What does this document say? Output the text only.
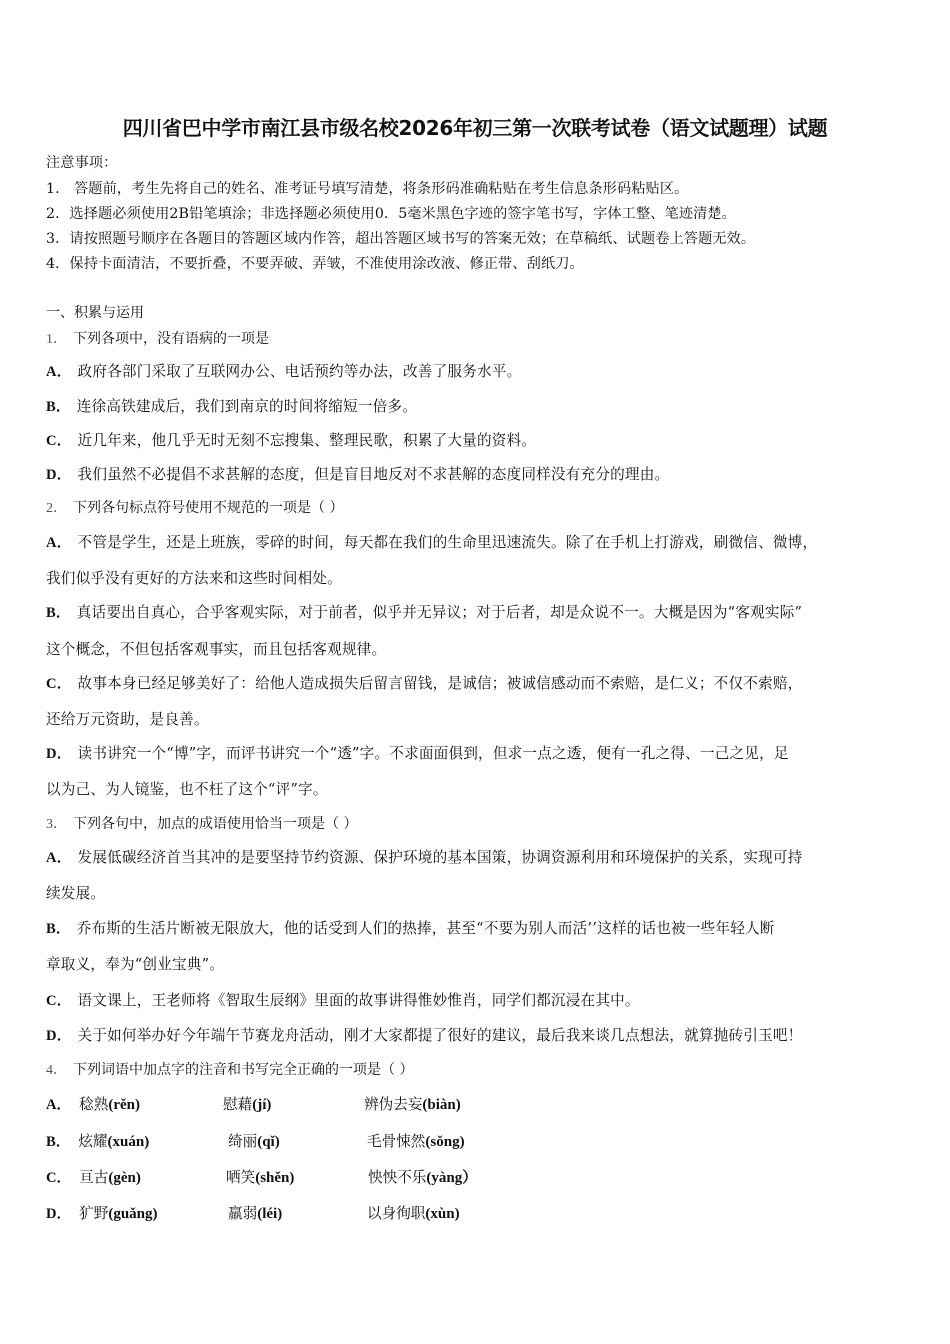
四川省巴中学市南江县市级名校2026年初三第一次联考试卷（语文试题理）试题
注意事项：
1． 答题前，考生先将自己的姓名、准考证号填写清楚，将条形码准确粘贴在考生信息条形码粘贴区。
2．选择题必须使用2B铅笔填涂；非选择题必须使用0．5毫米黑色字迹的签字笔书写，字体工整、笔迹清楚。
3．请按照题号顺序在各题目的答题区域内作答，超出答题区域书写的答案无效；在草稿纸、试题卷上答题无效。
4．保持卡面清洁，不要折叠，不要弄破、弄皱，不准使用涂改液、修正带、刮纸刀。
一、积累与运用
1． 下列各项中，没有语病的一项是
A． 政府各部门采取了互联网办公、电话预约等办法，改善了服务水平。
B． 连徐高铁建成后，我们到南京的时间将缩短一倍多。
C． 近几年来，他几乎无时无刻不忘搜集、整理民歌，积累了大量的资料。
D． 我们虽然不必提倡不求甚解的态度，但是盲目地反对不求甚解的态度同样没有充分的理由。
2． 下列各句标点符号使用不规范的一项是（ ）
A． 不管是学生，还是上班族，零碎的时间，每天都在我们的生命里迅速流失。除了在手机上打游戏，刷微信、微博，
我们似乎没有更好的方法来和这些时间相处。
B． 真话要出自真心，合乎客观实际，对于前者，似乎并无异议；对于后者，却是众说不一。大概是因为“客观实际”
这个概念，不但包括客观事实，而且包括客观规律。
C． 故事本身已经足够美好了：给他人造成损失后留言留钱，是诚信；被诚信感动而不索赔，是仁义；不仅不索赔，
还给万元资助，是良善。
D． 读书讲究一个“博”字，而评书讲究一个“透”字。不求面面俱到，但求一点之透，便有一孔之得、一己之见，足
以为己、为人镜鉴，也不枉了这个“评”字。
3． 下列各句中，加点的成语使用恰当一项是（ ）
A． 发展低碳经济首当其冲的是要坚持节约资源、保护环境的基本国策，协调资源利用和环境保护的关系，实现可持
续发展。
B． 乔布斯的生活片断被无限放大，他的话受到人们的热捧，甚至“不要为别人而活’’这样的话也被一些年轻人断
章取义，奉为“创业宝典”。
C． 语文课上，王老师将《智取生辰纲》里面的故事讲得惟妙惟肖，同学们都沉浸在其中。
D． 关于如何举办好今年端午节赛龙舟活动，刚才大家都提了很好的建议，最后我来谈几点想法，就算抛砖引玉吧！
4． 下列词语中加点字的注音和书写完全正确的一项是（ ）
A． 稔熟(rěn)	慰藉(jí)	辨伪去妄(biàn)
B． 炫耀(xuán)	绮丽(qǐ)	毛骨悚然(sǒng)
C． 亘古(gèn)	哂笑(shěn)	怏怏不乐(yàng）
D． 犷野(guǎng)	羸弱(léi)	以身徇职(xùn)
